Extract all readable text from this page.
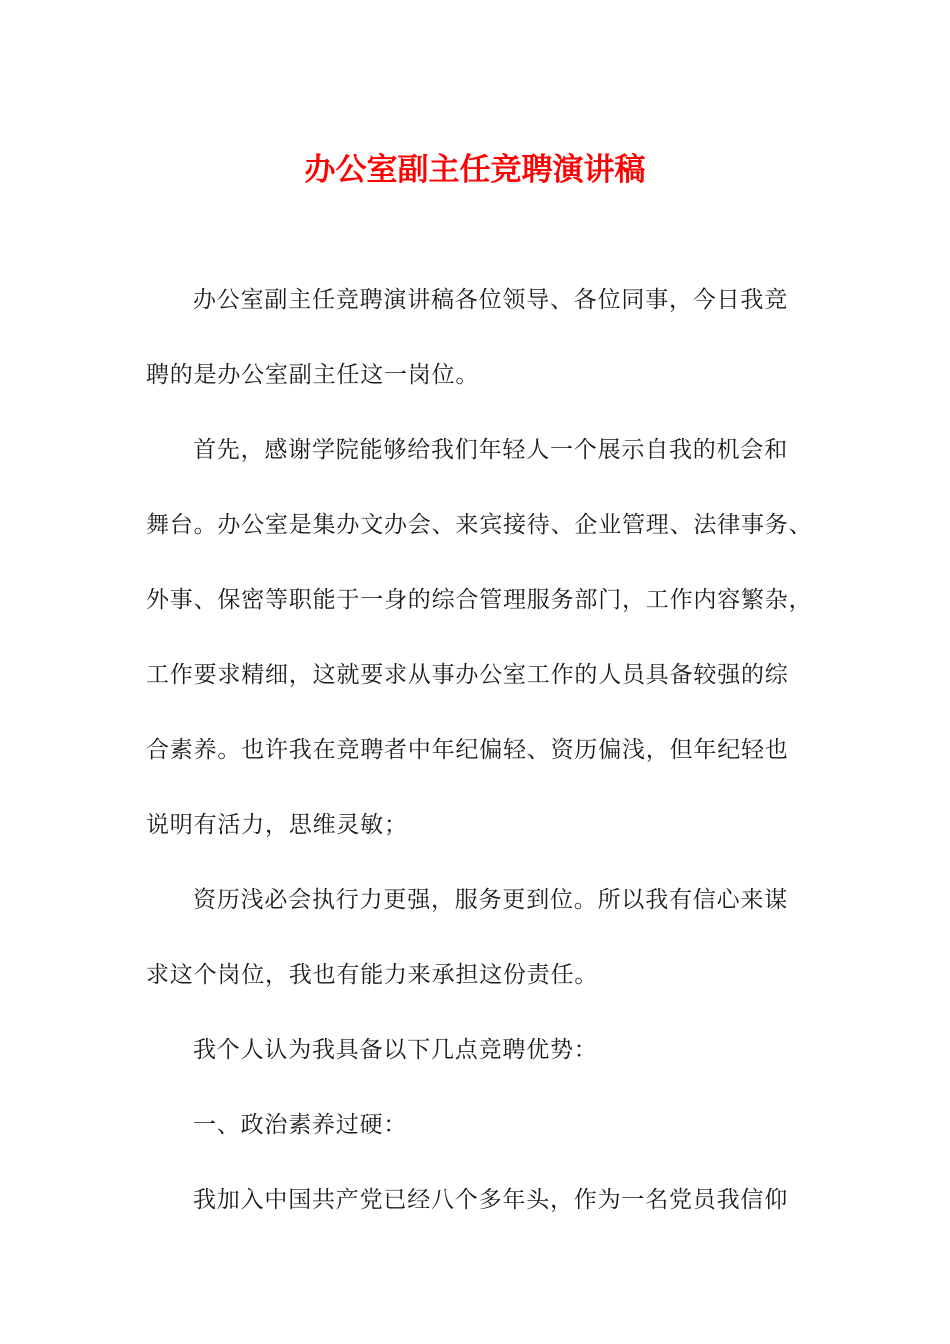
办公室副主任竞聘演讲稿
办公室副主任竞聘演讲稿各位领导、各位同事，今日我竞
聘的是办公室副主任这一岗位。
首先，感谢学院能够给我们年轻人一个展示自我的机会和
舞台。办公室是集办文办会、来宾接待、企业管理、法律事务、
外事、保密等职能于一身的综合管理服务部门，工作内容繁杂，
工作要求精细，这就要求从事办公室工作的人员具备较强的综
合素养。也许我在竞聘者中年纪偏轻、资历偏浅，但年纪轻也
说明有活力，思维灵敏；
资历浅必会执行力更强，服务更到位。所以我有信心来谋
求这个岗位，我也有能力来承担这份责任。
我个人认为我具备以下几点竞聘优势：
一、政治素养过硬：
我加入中国共产党已经八个多年头，作为一名党员我信仰
